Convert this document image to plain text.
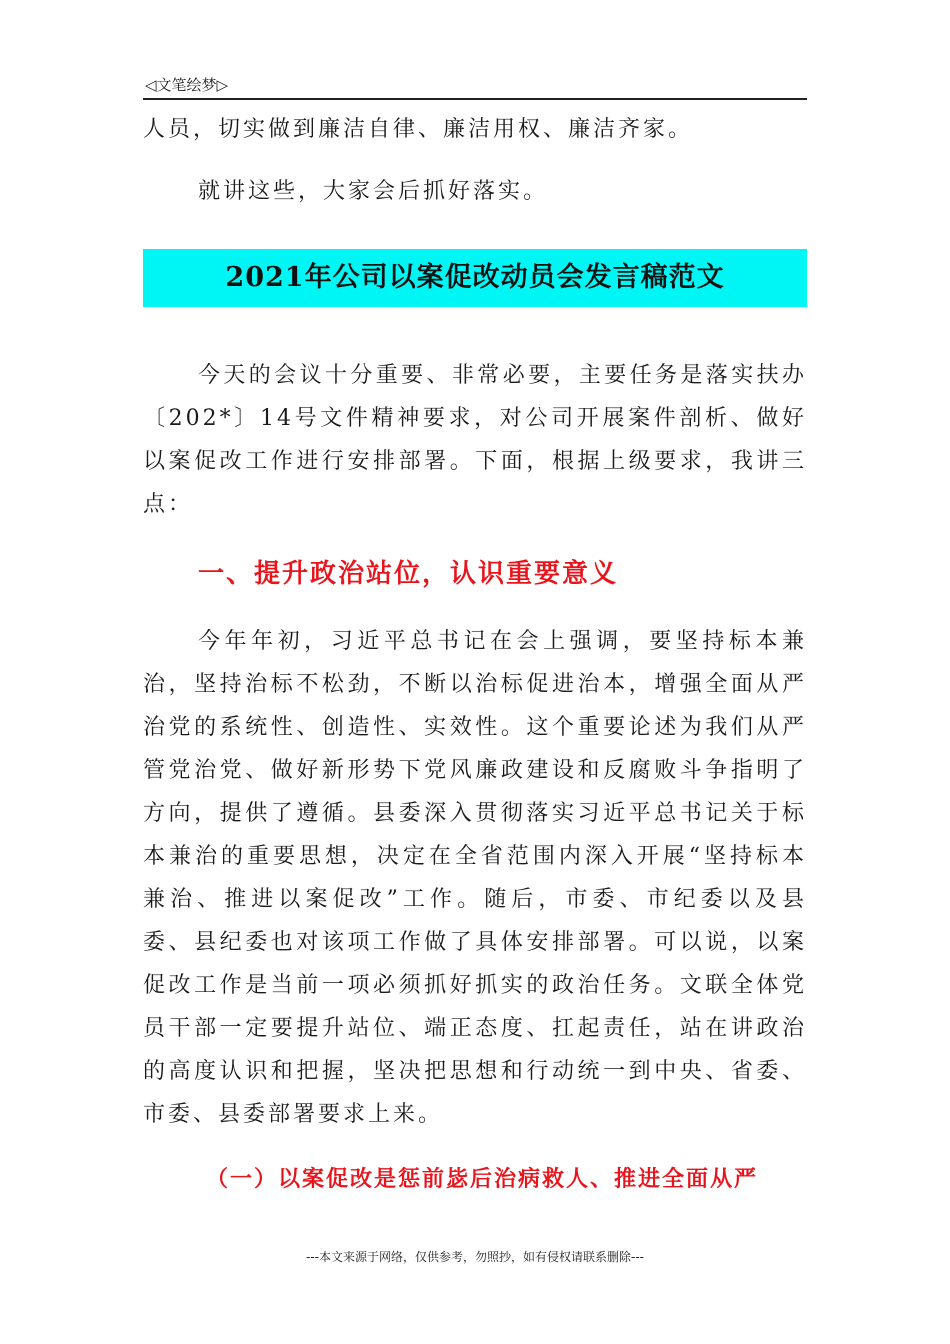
◁文笔绘梦▷

人员，切实做到廉洁自律、廉洁用权、廉洁齐家。

就讲这些，大家会后抓好落实。

2021年公司以案促改动员会发言稿范文

今天的会议十分重要、非常必要，主要任务是落实扶办〔202*〕14号文件精神要求，对公司开展案件剖析、做好以案促改工作进行安排部署。下面，根据上级要求，我讲三点：

一、提升政治站位，认识重要意义

今年年初，习近平总书记在会上强调，要坚持标本兼治，坚持治标不松劲，不断以治标促进治本，增强全面从严治党的系统性、创造性、实效性。这个重要论述为我们从严管党治党、做好新形势下党风廉政建设和反腐败斗争指明了方向，提供了遵循。县委深入贯彻落实习近平总书记关于标本兼治的重要思想，决定在全省范围内深入开展“坚持标本兼治、推进以案促改”工作。随后，市委、市纪委以及县委、县纪委也对该项工作做了具体安排部署。可以说，以案促改工作是当前一项必须抓好抓实的政治任务。文联全体党员干部一定要提升站位、端正态度、扛起责任，站在讲政治的高度认识和把握，坚决把思想和行动统一到中央、省委、市委、县委部署要求上来。

（一）以案促改是惩前毖后治病救人、推进全面从严
---本文来源于网络，仅供参考，勿照抄，如有侵权请联系删除---
